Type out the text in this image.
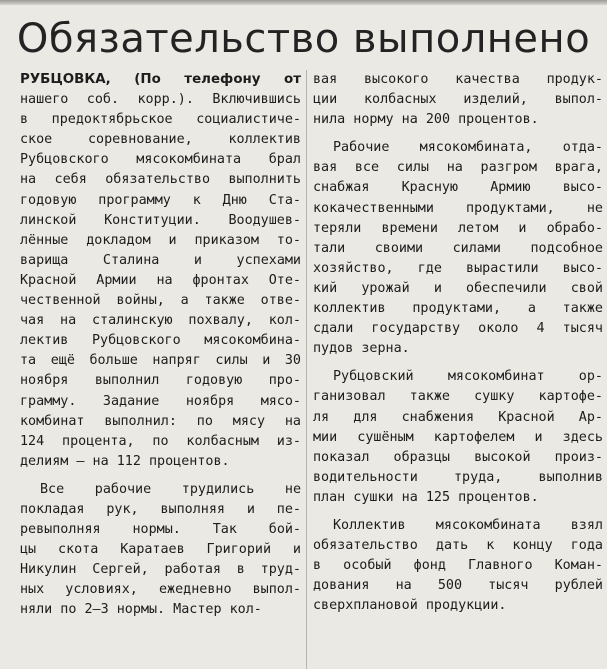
Обязательство выполнено
РУБЦОВКА, (По телефону от
нашего соб. корр.). Включившись
в предоктябрьское социалистиче-
ское соревнование, коллектив
Рубцовского мясокомбината брал
на себя обязательство выполнить
годовую программу к Дню Ста-
линской Конституции. Воодушев-
лённые докладом и приказом то-
варища Сталина и успехами
Красной Армии на фронтах Оте-
чественной войны, а также отве-
чая на сталинскую похвалу, кол-
лектив Рубцовского мясокомбина-
та ещё больше напряг силы и 30
ноября выполнил годовую про-
грамму. Задание ноября мясо-
комбинат выполнил: по мясу на
124 процента, по колбасным из-
делиям — на 112 процентов.
Все рабочие трудились не
покладая рук, выполняя и пе-
ревыполняя нормы. Так бой-
цы скота Каратаев Григорий и
Никулин Сергей, работая в труд-
ных условиях, ежедневно выпол-
няли по 2—3 нормы. Мастер кол-
вая высокого качества продук-
ции колбасных изделий, выпол-
нила норму на 200 процентов.
Рабочие мясокомбината, отда-
вая все силы на разгром врага,
снабжая Красную Армию высо-
кокачественными продуктами, не
теряли времени летом и обрабо-
тали своими силами подсобное
хозяйство, где вырастили высо-
кий урожай и обеспечили свой
коллектив продуктами, а также
сдали государству около 4 тысяч
пудов зерна.
Рубцовский мясокомбинат ор-
ганизовал также сушку картофе-
ля для снабжения Красной Ар-
мии сушёным картофелем и здесь
показал образцы высокой произ-
водительности труда, выполнив
план сушки на 125 процентов.
Коллектив мясокомбината взял
обязательство дать к концу года
в особый фонд Главного Коман-
дования на 500 тысяч рублей
сверхплановой продукции.
